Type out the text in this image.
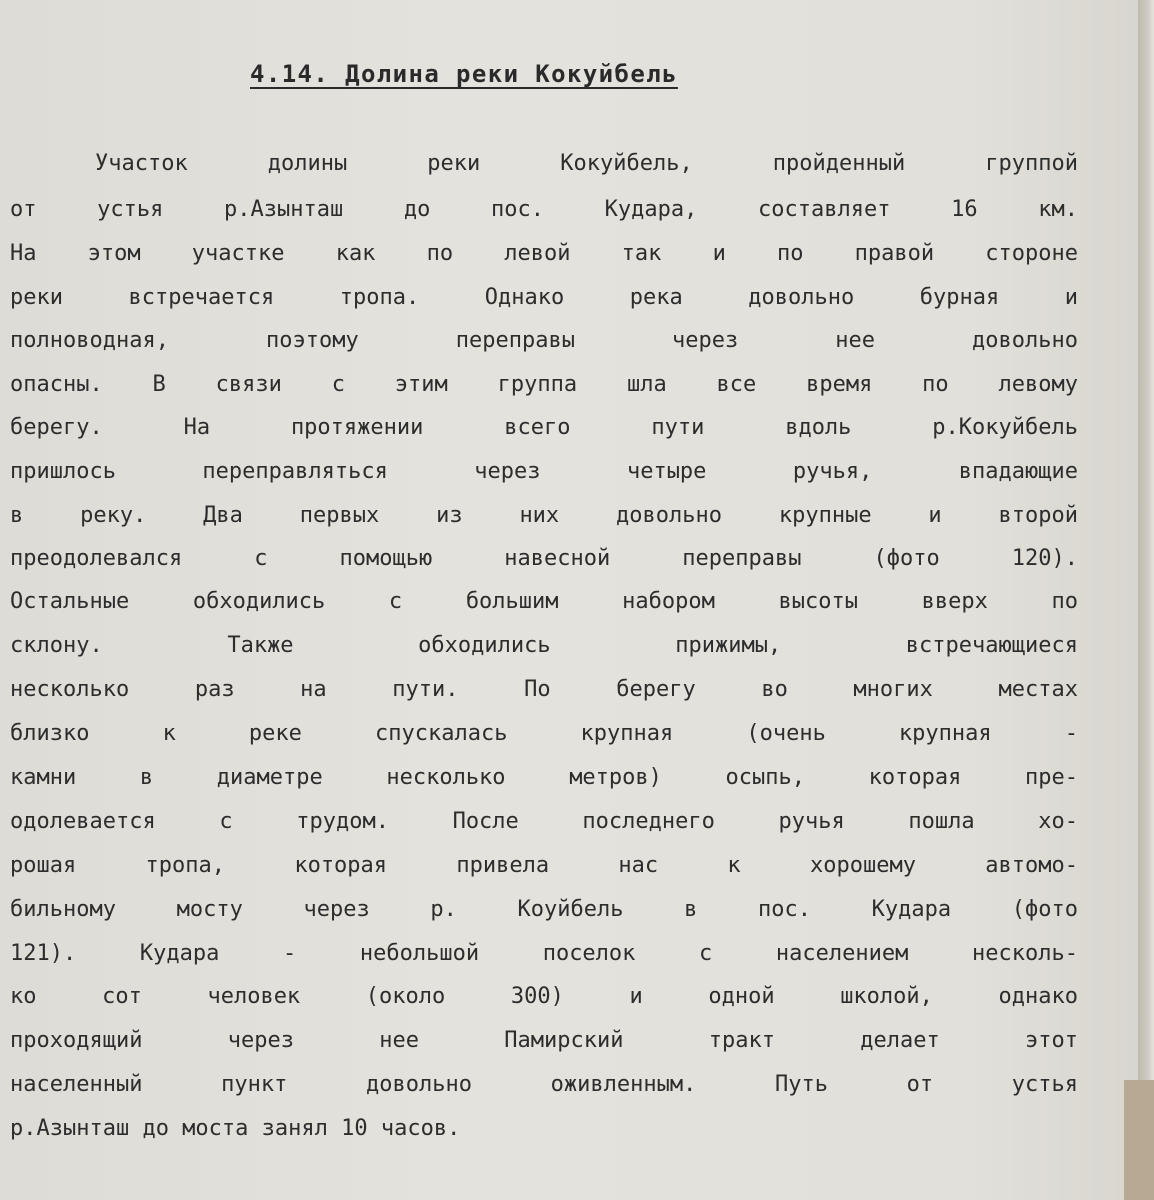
4.14. Долина реки Кокуйбель
Участок долины реки Кокуйбель, пройденный группой
от устья р.Азынташ до пос. Кудара, составляет 16 км.
На этом участке как по левой так и по правой стороне
реки встречается тропа. Однако река довольно бурная и
полноводная, поэтому переправы через нее довольно
опасны. В связи с этим группа шла все время по левому
берегу. На протяжении всего пути вдоль р.Кокуйбель
пришлось переправляться через четыре ручья, впадающие
в реку. Два первых из них довольно крупные и второй
преодолевался с помощью навесной переправы (фото 120).
Остальные обходились с большим набором высоты вверх по
склону. Также обходились прижимы, встречающиеся
несколько раз на пути. По берегу во многих местах
близко к реке спускалась крупная (очень крупная -
камни в диаметре несколько метров) осыпь, которая пре-
одолевается с трудом. После последнего ручья пошла хо-
рошая тропа, которая привела нас к хорошему автомо-
бильному мосту через р. Коуйбель в пос. Кудара (фото
121). Кудара - небольшой поселок с населением несколь-
ко сот человек (около 300) и одной школой, однако
проходящий через нее Памирский тракт делает этот
населенный пункт довольно оживленным. Путь от устья
р.Азынташ до моста занял 10 часов.
